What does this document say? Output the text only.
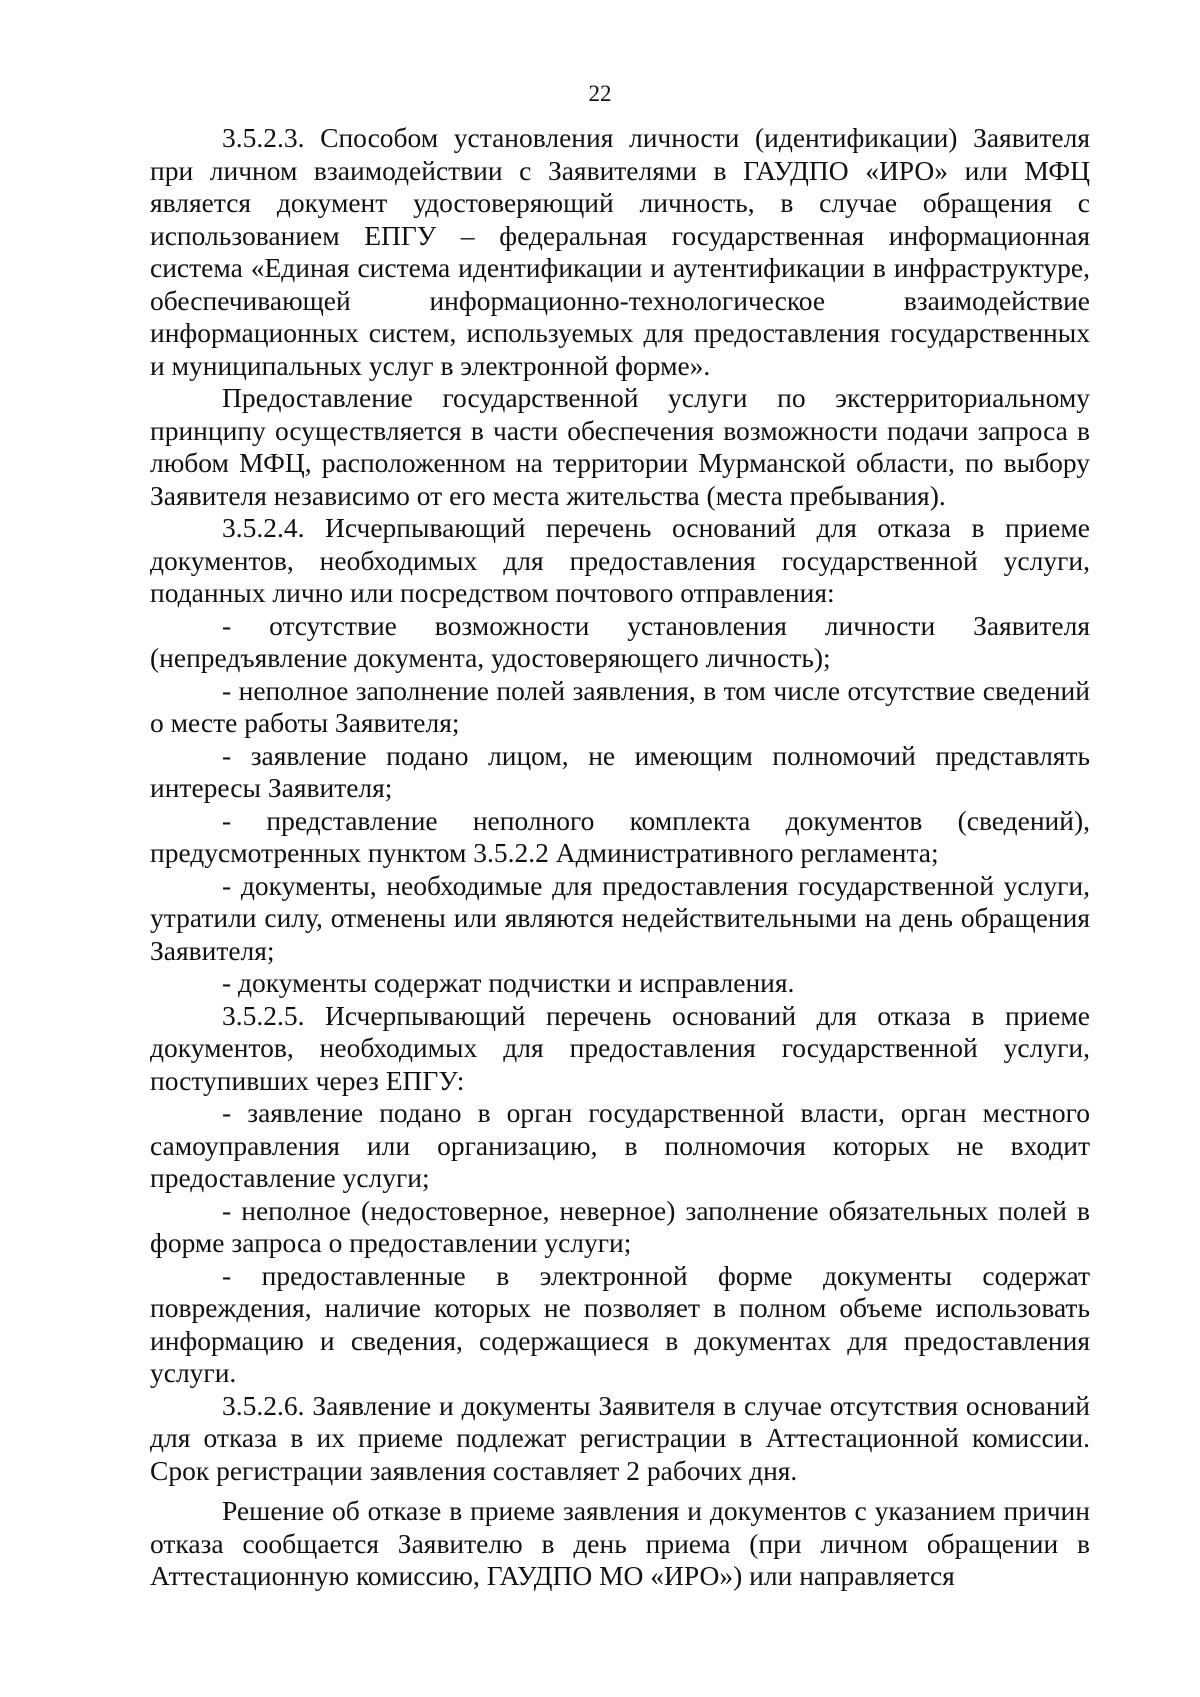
22

3.5.2.3. Способом установления личности (идентификации) Заявителя при личном взаимодействии с Заявителями в ГАУДПО «ИРО» или МФЦ является документ удостоверяющий личность, в случае обращения с использованием ЕПГУ – федеральная государственная информационная система «Единая система идентификации и аутентификации в инфраструктуре, обеспечивающей информационно-технологическое взаимодействие информационных систем, используемых для предоставления государственных и муниципальных услуг в электронной форме».

Предоставление государственной услуги по экстерриториальному принципу осуществляется в части обеспечения возможности подачи запроса в любом МФЦ, расположенном на территории Мурманской области, по выбору Заявителя независимо от его места жительства (места пребывания).

3.5.2.4. Исчерпывающий перечень оснований для отказа в приеме документов, необходимых для предоставления государственной услуги, поданных лично или посредством почтового отправления:

- отсутствие возможности установления личности Заявителя (непредъявление документа, удостоверяющего личность);

- неполное заполнение полей заявления, в том числе отсутствие сведений о месте работы Заявителя;

- заявление подано лицом, не имеющим полномочий представлять интересы Заявителя;

- представление неполного комплекта документов (сведений), предусмотренных пунктом 3.5.2.2 Административного регламента;

- документы, необходимые для предоставления государственной услуги, утратили силу, отменены или являются недействительными на день обращения Заявителя;

- документы содержат подчистки и исправления.

3.5.2.5. Исчерпывающий перечень оснований для отказа в приеме документов, необходимых для предоставления государственной услуги, поступивших через ЕПГУ:

- заявление подано в орган государственной власти, орган местного самоуправления или организацию, в полномочия которых не входит предоставление услуги;

- неполное (недостоверное, неверное) заполнение обязательных полей в форме запроса о предоставлении услуги;

- предоставленные в электронной форме документы содержат повреждения, наличие которых не позволяет в полном объеме использовать информацию и сведения, содержащиеся в документах для предоставления услуги.

3.5.2.6. Заявление и документы Заявителя в случае отсутствия оснований для отказа в их приеме подлежат регистрации в Аттестационной комиссии. Срок регистрации заявления составляет 2 рабочих дня.

Решение об отказе в приеме заявления и документов с указанием причин отказа сообщается Заявителю в день приема (при личном обращении в Аттестационную комиссию, ГАУДПО МО «ИРО») или направляется
